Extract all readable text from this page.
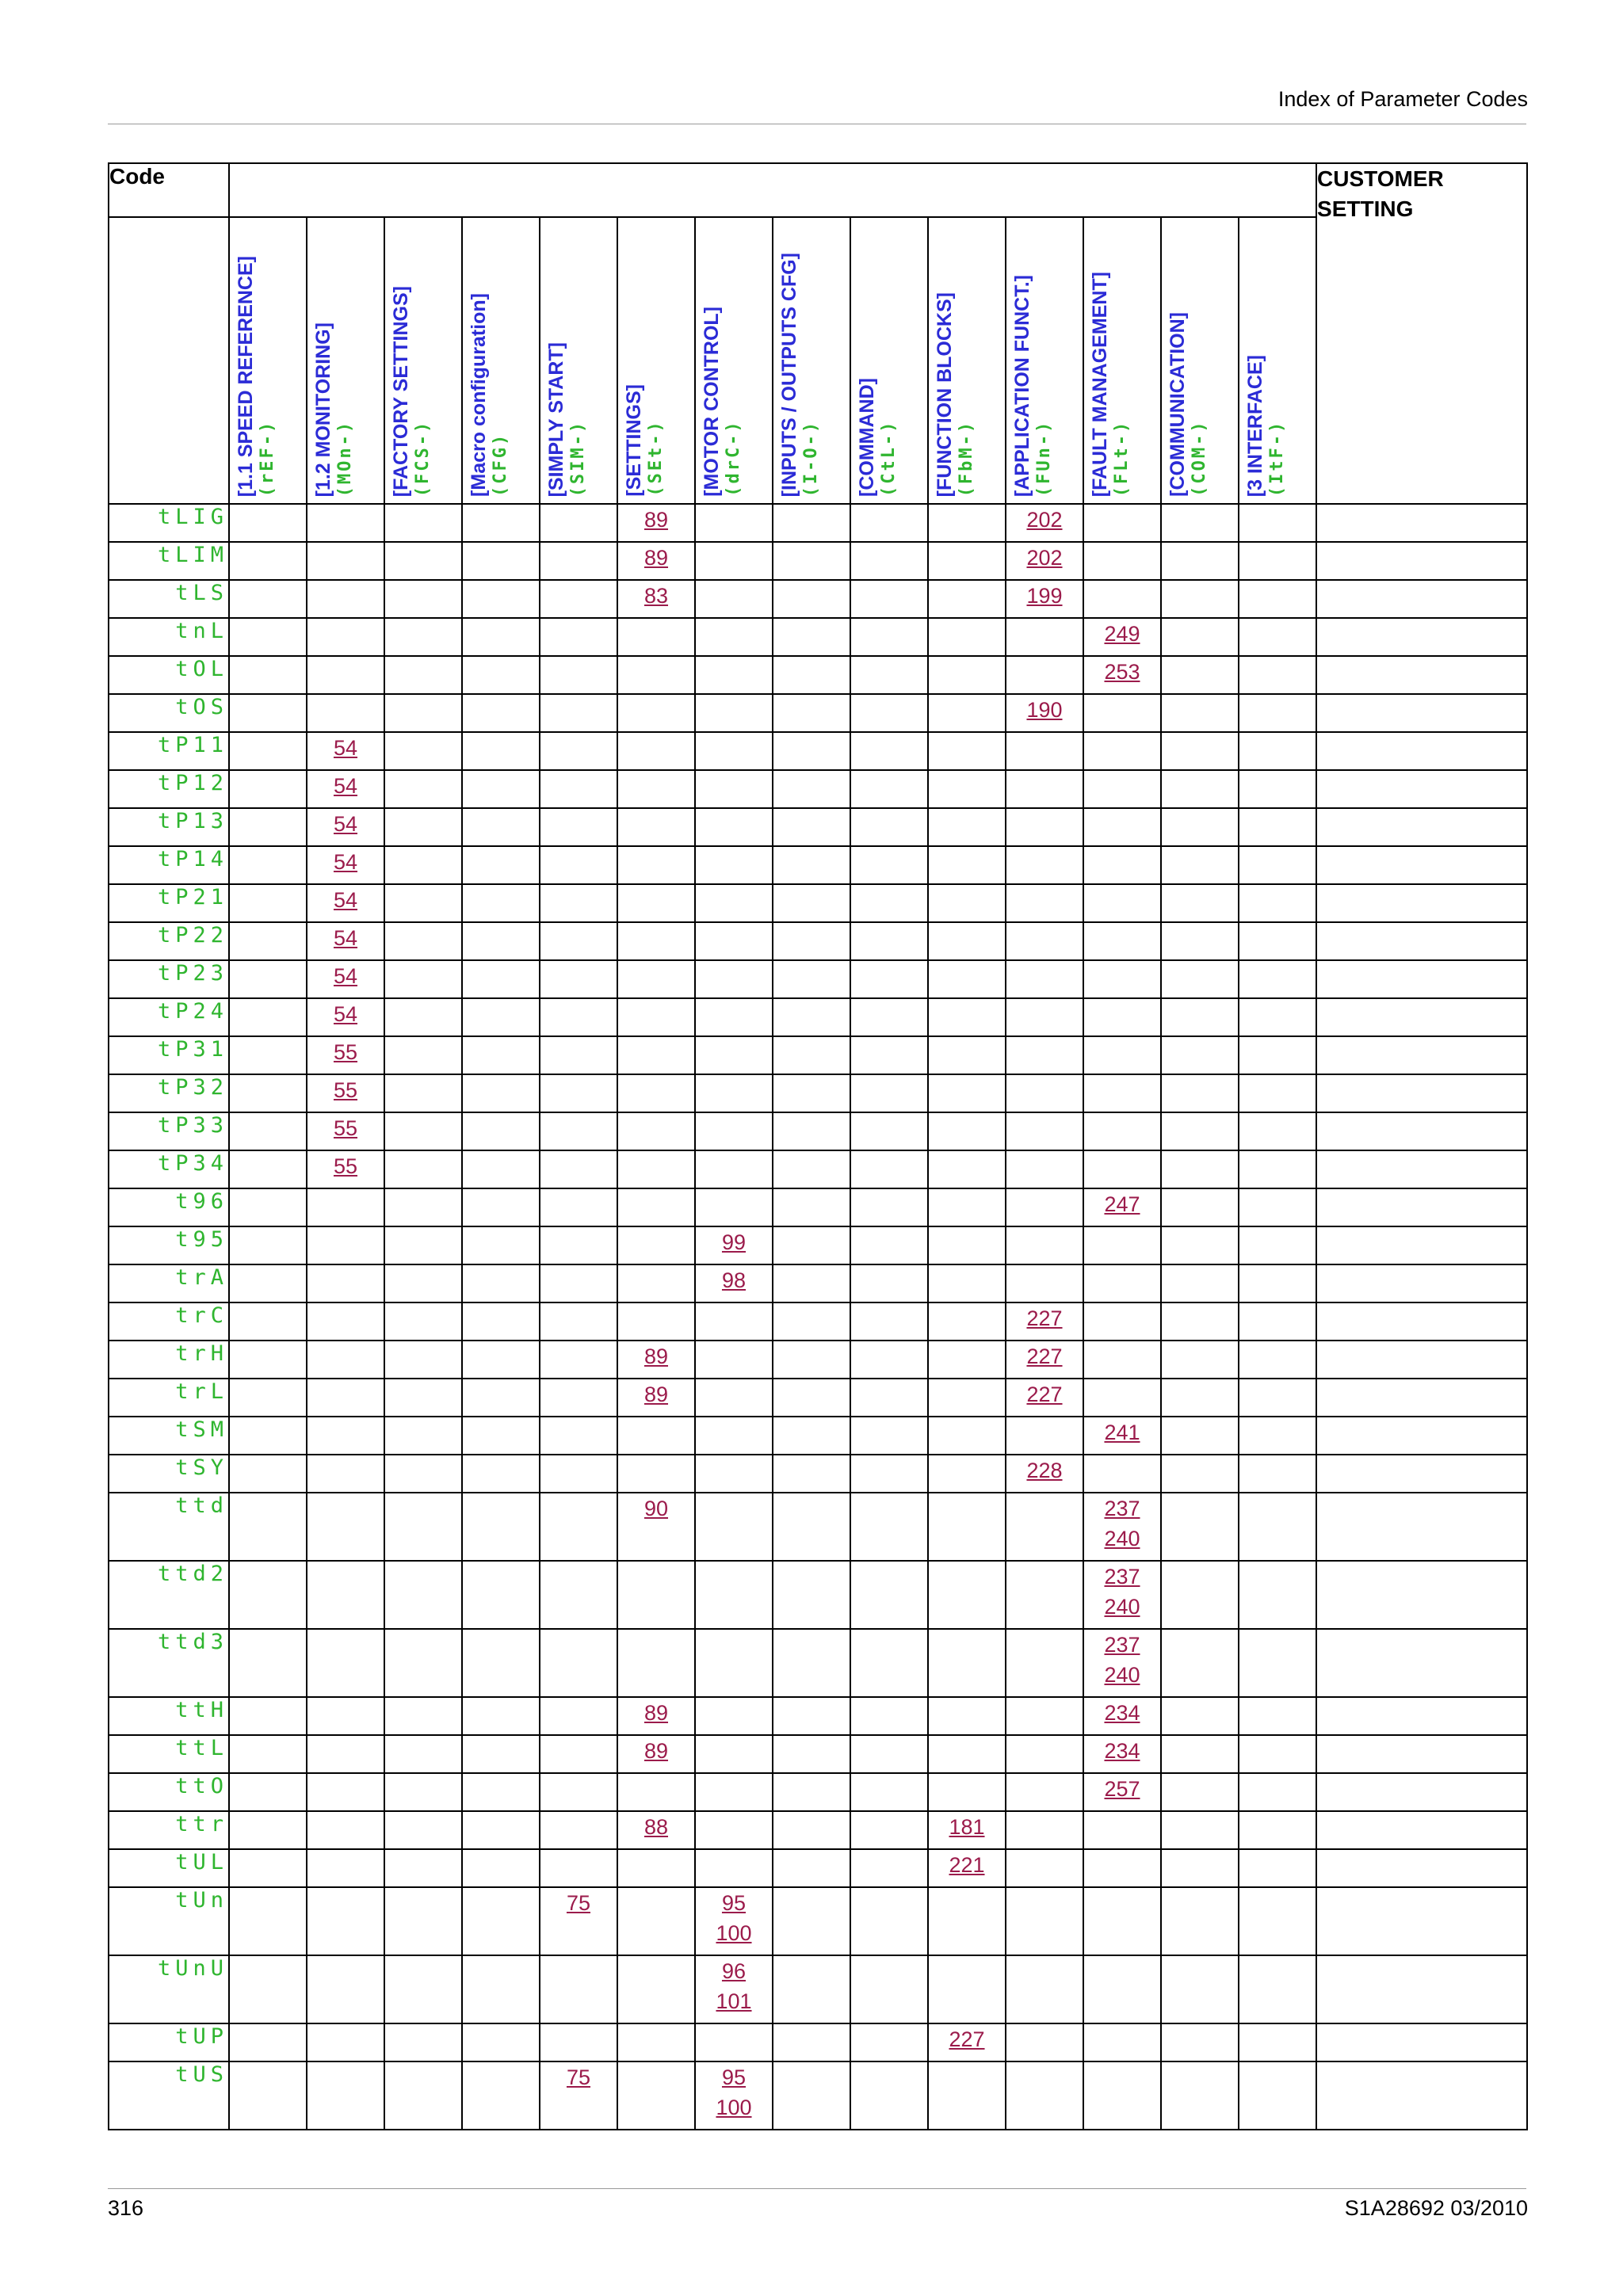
Index of Parameter Codes
Code															CUSTOMER
SETTING

	[1.1 SPEED REFERENCE] (rEF-)	[1.2 MONITORING] (MOn-)	[FACTORY SETTINGS] (FCS-)	[Macro configuration] (CFG)	[SIMPLY START] (SIM-)	[SETTINGS] (SEt-)	[MOTOR CONTROL] (drC-)	[INPUTS / OUTPUTS CFG] (I-O-)	[COMMAND] (CtL-)	[FUNCTION BLOCKS] (FbM-)	[APPLICATION FUNCT.] (FUn-)	[FAULT MANAGEMENT] (FLt-)	[COMMUNICATION] (COM-)	[3 INTERFACE] (ItF-)	

tLIG						89					202				

tLIM						89					202				

tLS						83					199				

tnL												249			

tOL												253			

tOS											190				

tP11		54													

tP12		54													

tP13		54													

tP14		54													

tP21		54													

tP22		54													

tP23		54													

tP24		54													

tP31		55													

tP32		55													

tP33		55													

tP34		55													

t96												247			

t95							99								

trA							98								

trC											227				

trH						89					227				

trL						89					227				

tSM												241			

tSY											228				

ttd						90						237
240			

ttd2												237
240			

ttd3												237
240			

ttH						89						234			

ttL						89						234			

ttO												257			

ttr						88				181					

tUL										221					

tUn					75		95
100								

tUnU							96
101								

tUP										227					

tUS					75		95
100								

316	S1A28692 03/2010
